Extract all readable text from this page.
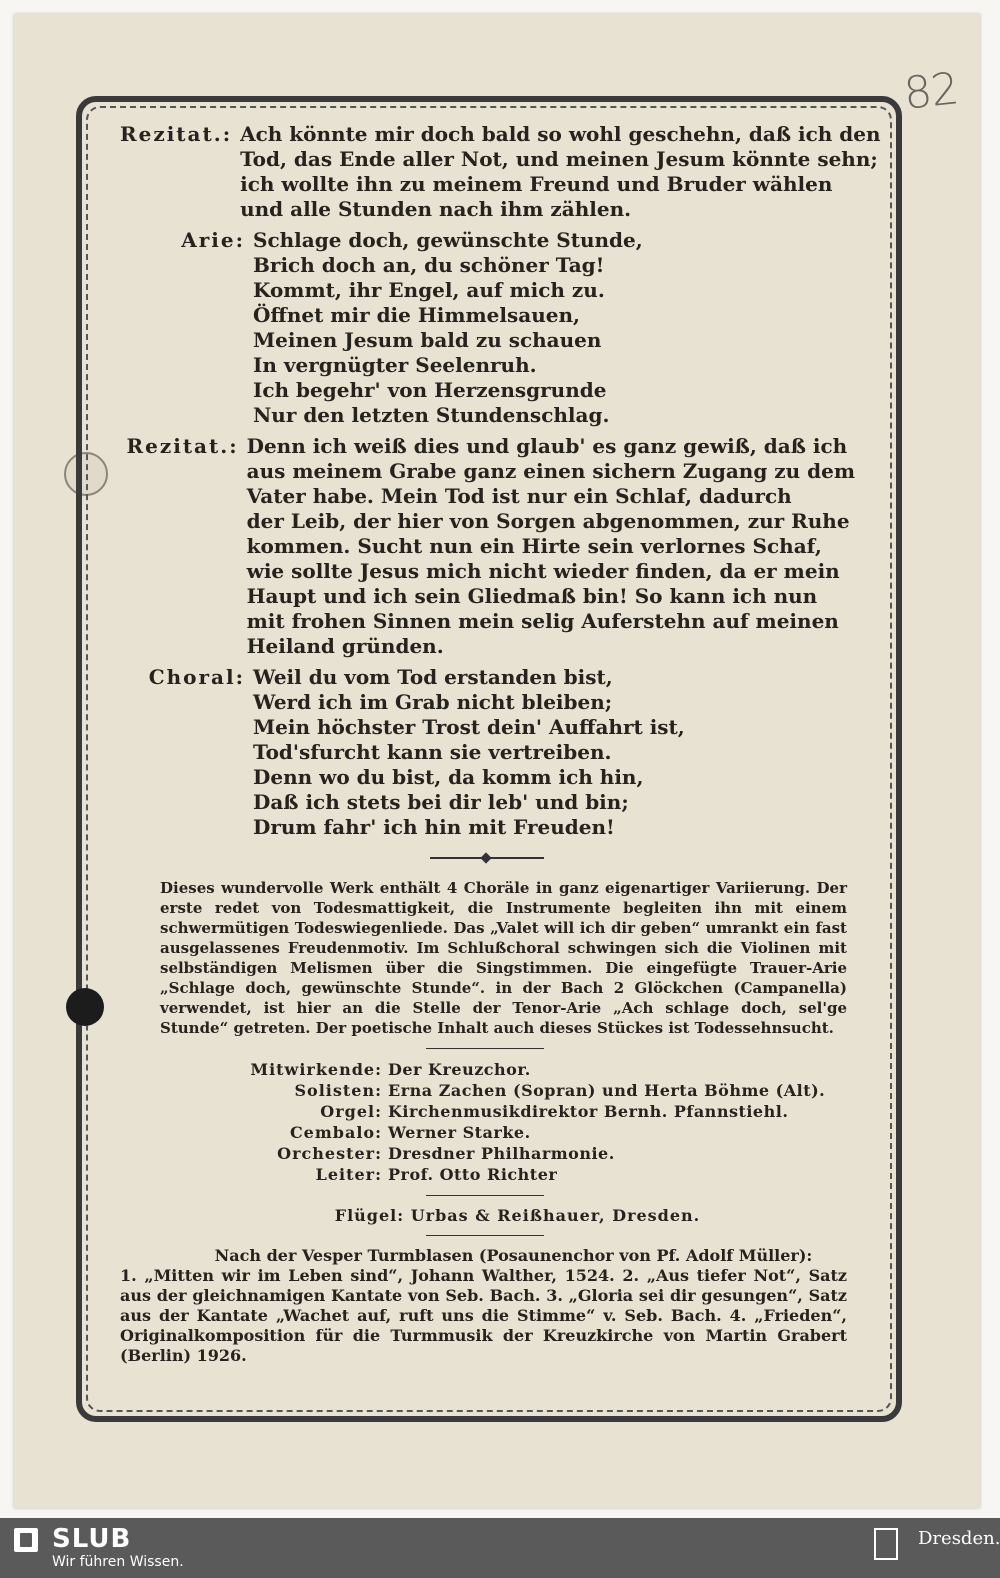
82
Rezitat.: Ach könnte mir doch bald so wohl geschehn, daß ich den
Tod, das Ende aller Not, und meinen Jesum könnte sehn;
ich wollte ihn zu meinem Freund und Bruder wählen
und alle Stunden nach ihm zählen.
Arie: Schlage doch, gewünschte Stunde,
Brich doch an, du schöner Tag!
Kommt, ihr Engel, auf mich zu.
Öffnet mir die Himmelsauen,
Meinen Jesum bald zu schauen
In vergnügter Seelenruh.
Ich begehr' von Herzensgrunde
Nur den letzten Stundenschlag.
Rezitat.: Denn ich weiß dies und glaub' es ganz gewiß, daß ich
aus meinem Grabe ganz einen sichern Zugang zu dem
Vater habe. Mein Tod ist nur ein Schlaf, dadurch
der Leib, der hier von Sorgen abgenommen, zur Ruhe
kommen. Sucht nun ein Hirte sein verlornes Schaf,
wie sollte Jesus mich nicht wieder finden, da er mein
Haupt und ich sein Gliedmaß bin! So kann ich nun
mit frohen Sinnen mein selig Auferstehn auf meinen
Heiland gründen.
Choral: Weil du vom Tod erstanden bist,
Werd ich im Grab nicht bleiben;
Mein höchster Trost dein' Auffahrt ist,
Tod'sfurcht kann sie vertreiben.
Denn wo du bist, da komm ich hin,
Daß ich stets bei dir leb' und bin;
Drum fahr' ich hin mit Freuden!
Dieses wundervolle Werk enthält 4 Choräle in ganz eigenartiger Variierung. Der erste redet von Todesmattigkeit, die Instrumente begleiten ihn mit einem schwermütigen Todeswiegenliede. Das „Valet will ich dir geben“ umrankt ein fast ausgelassenes Freudenmotiv. Im Schlußchoral schwingen sich die Violinen mit selbständigen Melismen über die Singstimmen. Die eingefügte Trauer-Arie „Schlage doch, gewünschte Stunde“. in der Bach 2 Glöckchen (Campanella) verwendet, ist hier an die Stelle der Tenor-Arie „Ach schlage doch, sel'ge Stunde“ getreten. Der poetische Inhalt auch dieses Stückes ist Todessehnsucht.
Mitwirkende: Der Kreuzchor.
Solisten: Erna Zachen (Sopran) und Herta Böhme (Alt).
Orgel: Kirchenmusikdirektor Bernh. Pfannstiehl.
Cembalo: Werner Starke.
Orchester: Dresdner Philharmonie.
Leiter: Prof. Otto Richter
Flügel: Urbas & Reißhauer, Dresden.
Nach der Vesper Turmblasen (Posaunenchor von Pf. Adolf Müller):
1. „Mitten wir im Leben sind“, Johann Walther, 1524. 2. „Aus tiefer Not“, Satz aus der gleichnamigen Kantate von Seb. Bach. 3. „Gloria sei dir gesungen“, Satz aus der Kantate „Wachet auf, ruft uns die Stimme“ v. Seb. Bach. 4. „Frieden“, Originalkomposition für die Turmmusik der Kreuzkirche von Martin Grabert (Berlin) 1926.
SLUB
Wir führen Wissen.
Dresden.
